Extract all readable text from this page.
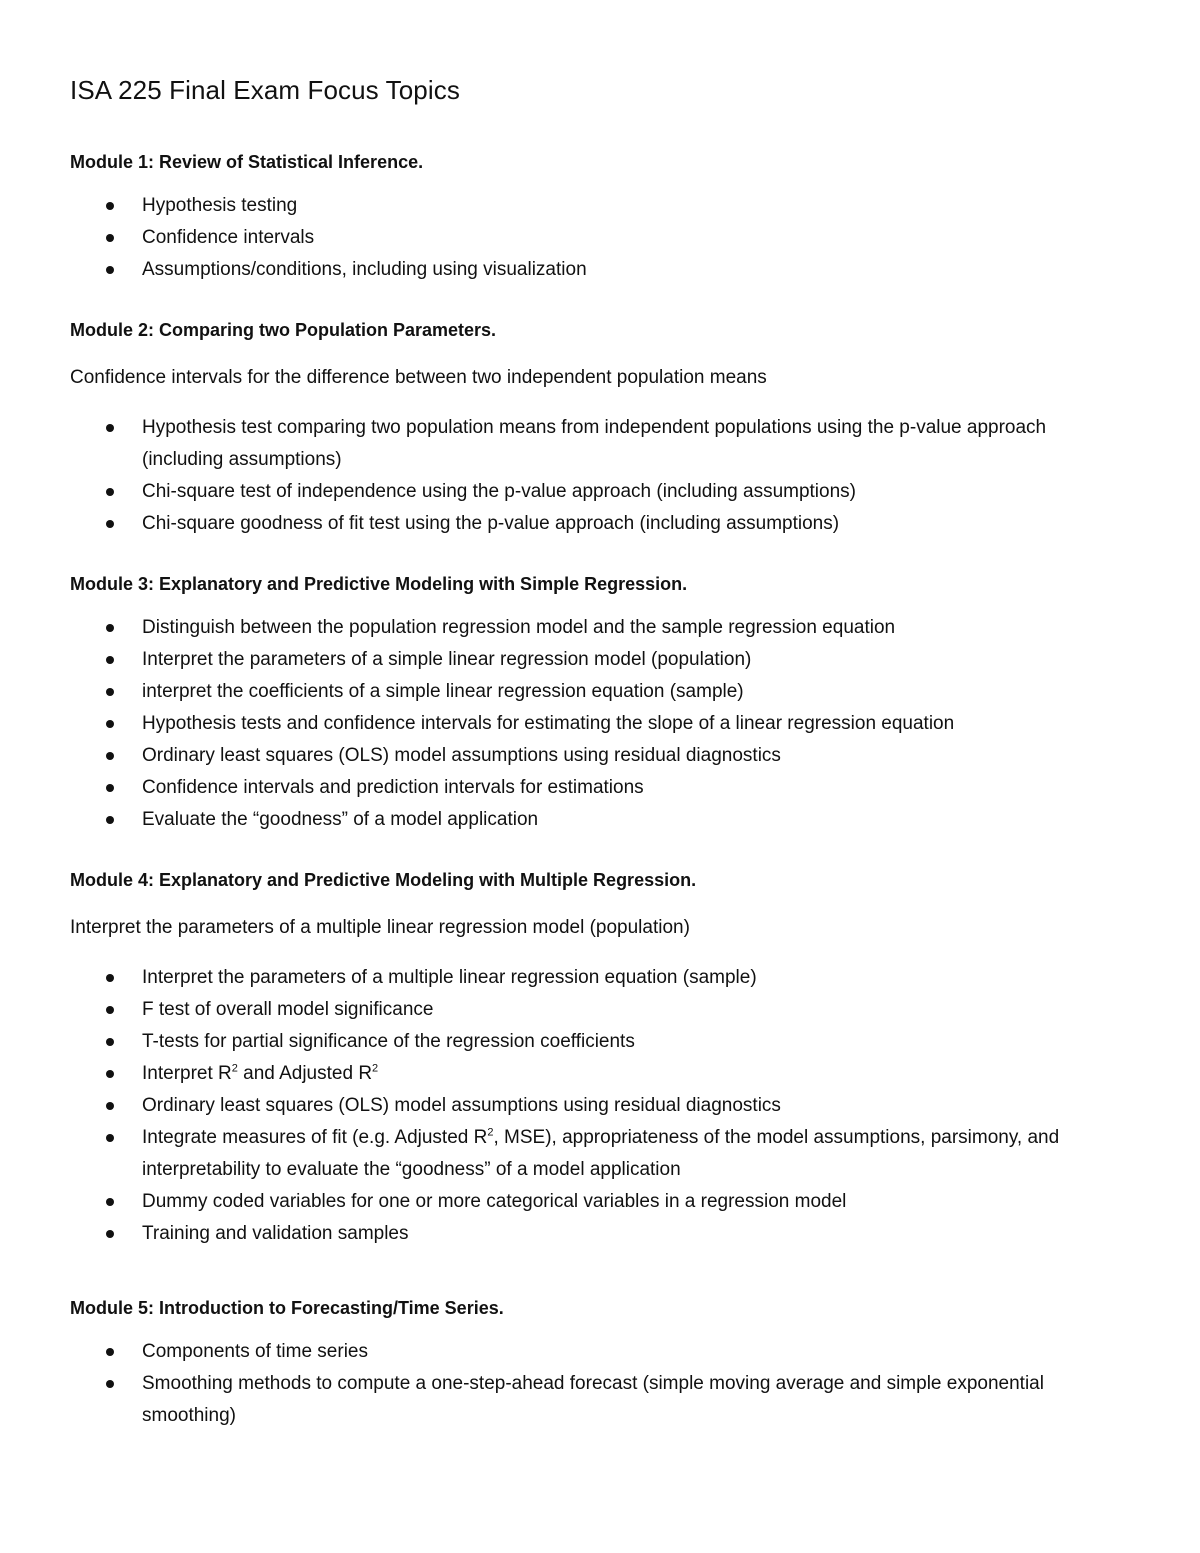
ISA 225 Final Exam Focus Topics

Module 1: Review of Statistical Inference.

Hypothesis testing
Confidence intervals
Assumptions/conditions, including using visualization

Module 2: Comparing two Population Parameters.

Confidence intervals for the difference between two independent population means

Hypothesis test comparing two population means from independent populations using the p-value approach (including assumptions)
Chi-square test of independence using the p-value approach (including assumptions)
Chi-square goodness of fit test using the p-value approach (including assumptions)

Module 3: Explanatory and Predictive Modeling with Simple Regression.

Distinguish between the population regression model and the sample regression equation
Interpret the parameters of a simple linear regression model (population)
interpret the coefficients of a simple linear regression equation (sample)
Hypothesis tests and confidence intervals for estimating the slope of a linear regression equation
Ordinary least squares (OLS) model assumptions using residual diagnostics
Confidence intervals and prediction intervals for estimations
Evaluate the “goodness” of a model application

Module 4: Explanatory and Predictive Modeling with Multiple Regression.

Interpret the parameters of a multiple linear regression model (population)

Interpret the parameters of a multiple linear regression equation (sample)
F test of overall model significance
T-tests for partial significance of the regression coefficients
Interpret $R^2$ and Adjusted $R^2$
Ordinary least squares (OLS) model assumptions using residual diagnostics
Integrate measures of fit (e.g. Adjusted $R^2$, MSE), appropriateness of the model assumptions, parsimony, and interpretability to evaluate the “goodness” of a model application
Dummy coded variables for one or more categorical variables in a regression model
Training and validation samples

Module 5: Introduction to Forecasting/Time Series.

Components of time series
Smoothing methods to compute a one-step-ahead forecast (simple moving average and simple exponential smoothing)
